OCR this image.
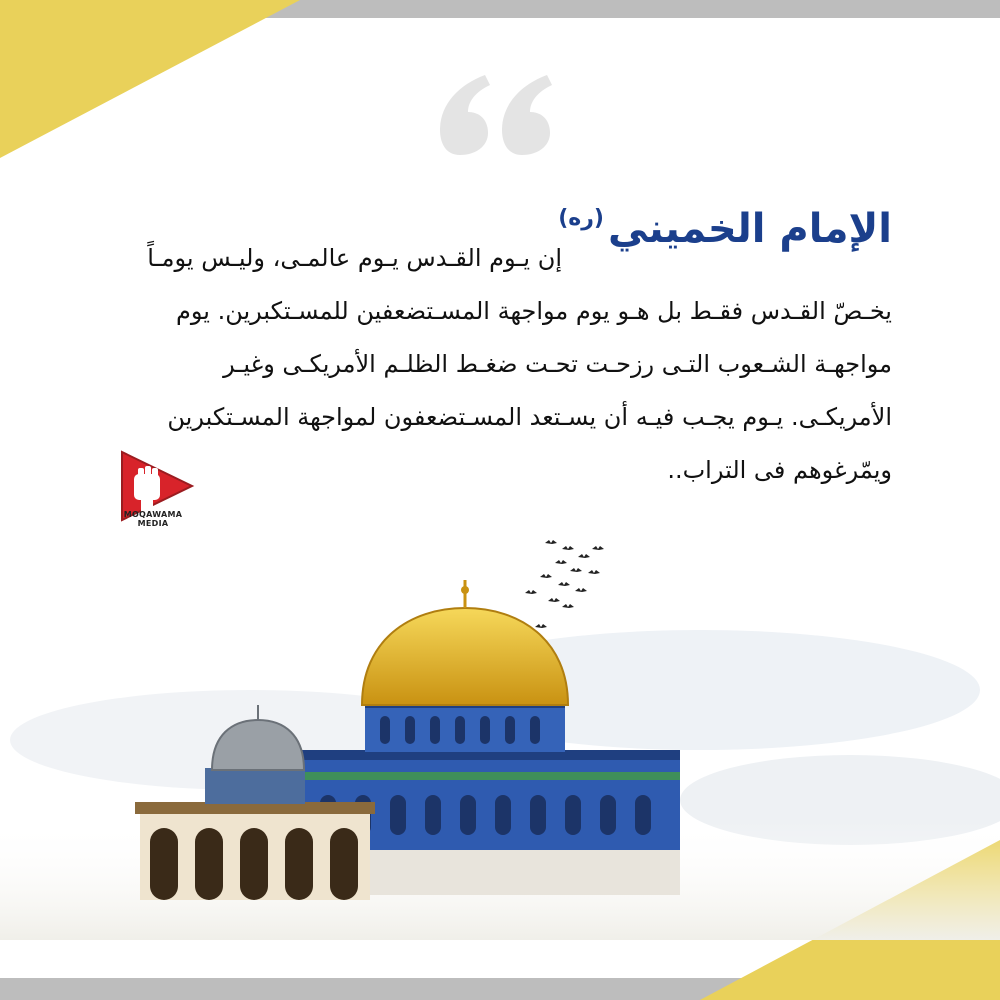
الإمام الخميني$^{(ره)}$
إن يـوم القـدس يـوم عالمـى، وليـس يومـاً
يخـصّ القـدس فقـط بل هـو يوم مواجهة المسـتضعفين للمسـتكبرين. يوم
مواجهـة الشـعوب التـى رزحـت تحـت ضغـط الظلـم الأمريكـى وغيـر
الأمريكـى. يـوم يجـب فيـه أن يسـتعد المسـتضعفون لمواجهة المسـتكبرين
ويمّرغوهم فى التراب..
MOQAWAMA MEDIA
